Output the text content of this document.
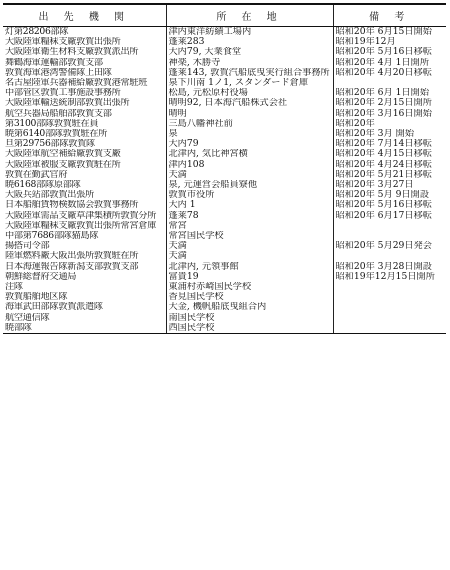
出 先 機 関	所 在 地	備 考
灯第28206部隊	津内東洋紡績工場内	昭和20年 6月15日開始
大阪陸軍糧秣支廠敦賀出張所	蓬莱283	昭和19年12月
大阪陸軍衛生材料支廠敦賀派出所	大内79, 大業食堂	昭和20年 5月16日移転
舞鶴海軍運輸部敦賀支部	神楽, 木勝寺	昭和20年 4月 1日開所
敦賀海軍港湾警備隊上田隊	蓬莱143, 敦賀汽船底曳実行組合事務所	昭和20年 4月20日移転
名古屋陸軍兵器補給廠敦賀港常駐班	泉下川南 1ノ1, スタンダード倉庫	
中部管区敦賀工事施設事務所	松島, 元松原村役場	昭和20年 6月 1日開始
大阪陸軍輸送統制部敦賀出張所	晴明92, 日本海汽船株式会社	昭和20年 2月15日開所
航空兵器局船舶部敦賀支部	晴明	昭和20年 3月16日開始
第3100部隊敦賀駐在員	三島八幡神社前	昭和20年
暁第6140部隊敦賀駐在所	泉	昭和20年 3月 開始
旦第29756部隊敦賀隊	大内79	昭和20年 7月14日移転
大阪陸軍航空補給廠敦賀支廠	北津内, 気比神宮横	昭和20年 4月15日移転
大阪陸軍被服支廠敦賀駐在所	津内108	昭和20年 4月24日移転
敦賀在勤武官府	天満	昭和20年 5月21日移転
暁6168部隊原部隊	泉, 元運営会船員寮他	昭和20年 3月27日
大阪兵站部敦賀出張所	敦賀市役所	昭和20年 5月 9日開設
日本船舶貨物検数協会敦賀事務所	大内 1	昭和20年 5月16日移転
大阪陸軍需品支廠草津集積所敦賀分所	蓬莱78	昭和20年 6月17日移転
大阪陸軍糧秣支廠敦賀出張所常宮倉庫	常宮	
中部第7686部隊猫島隊	常宮国民学校	
揚搭司令部	天満	昭和20年 5月29日発会
陸軍燃料廠大阪出張所敦賀駐在所	天満	
日本海運報告隊新潟支部敦賀支部	北津内, 元領事館	昭和20年 3月28日開設
朝鮮総督府交通局	富貴19	昭和19年12月15日開所
注隊	東浦村赤崎国民学校	
敦賀船舶地区隊	香見国民学校	
海軍武田部隊敦賀派遣隊	大金, 機帆船底曳組合内	
航空通信隊	南国民学校	
暁部隊	西国民学校	
